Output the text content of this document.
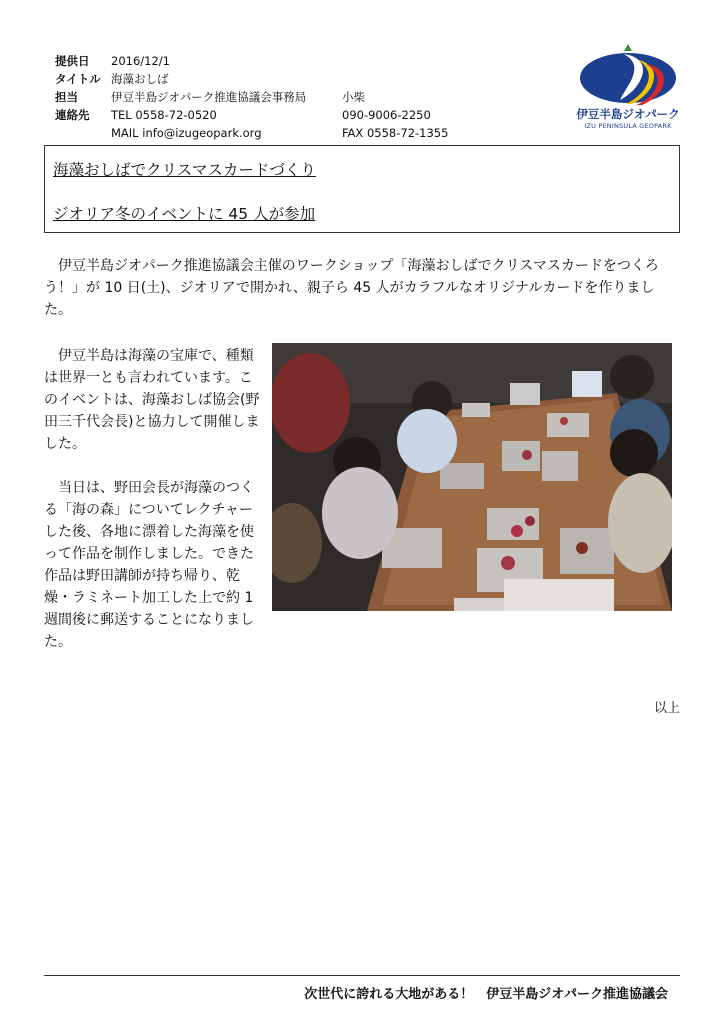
提供日 2016/12/1
タイトル 海藻おしば
担当	伊豆半島ジオパーク推進協議会事務局	小柴
連絡先 TEL 0558-72-0520	090-9006-2250
MAIL info@izugeopark.org	FAX 0558-72-1355
伊豆半島ジオパーク
IZU PENINSULA GEOPARK
海藻おしばでクリスマスカードづくり
ジオリア冬のイベントに 45 人が参加

伊豆半島ジオパーク推進協議会主催のワークショップ「海藻おしばでクリスマスカードをつくろう！」が 10 日(土)、ジオリアで開かれ、親子ら 45 人がカラフルなオリジナルカードを作りました。

伊豆半島は海藻の宝庫で、種類は世界一とも言われています。このイベントは、海藻おしば協会(野田三千代会長)と協力して開催しました。

当日は、野田会長が海藻のつくる「海の森」についてレクチャーした後、各地に漂着した海藻を使って作品を制作しました。できた作品は野田講師が持ち帰り、乾燥・ラミネート加工した上で約 1 週間後に郵送することになりました。

以上
次世代に誇れる大地がある！　伊豆半島ジオパーク推進協議会
